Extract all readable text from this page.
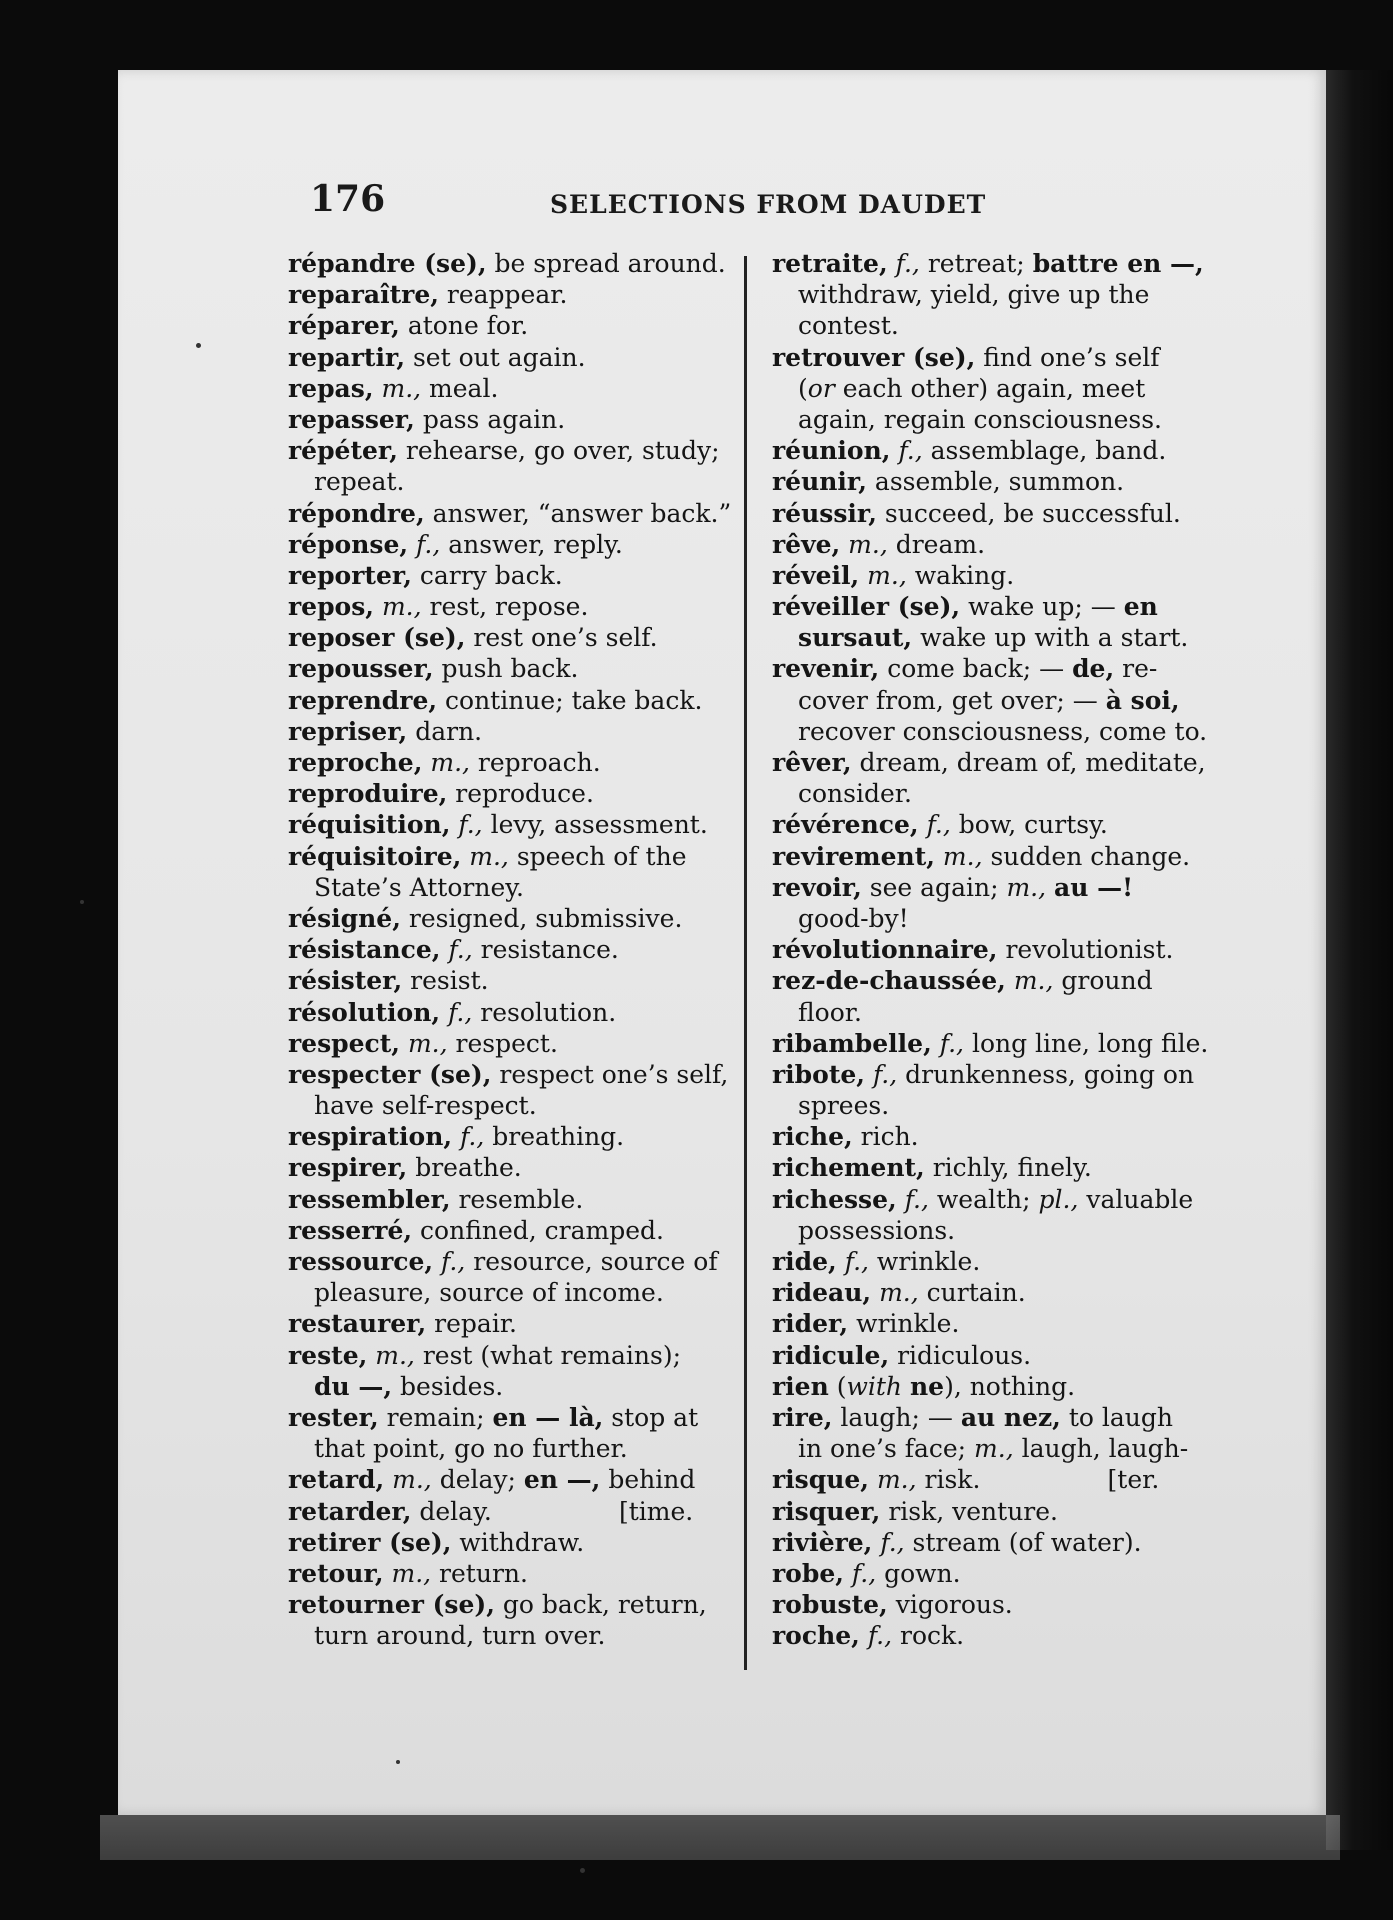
176	SELECTIONS FROM DAUDET
répandre (se), be spread around.
reparaître, reappear.
réparer, atone for.
repartir, set out again.
repas, m., meal.
repasser, pass again.
répéter, rehearse, go over, study;
repeat.
répondre, answer, “answer back.”
réponse, f., answer, reply.
reporter, carry back.
repos, m., rest, repose.
reposer (se), rest one’s self.
repousser, push back.
reprendre, continue; take back.
repriser, darn.
reproche, m., reproach.
reproduire, reproduce.
réquisition, f., levy, assessment.
réquisitoire, m., speech of the
State’s Attorney.
résigné, resigned, submissive.
résistance, f., resistance.
résister, resist.
résolution, f., resolution.
respect, m., respect.
respecter (se), respect one’s self,
have self-respect.
respiration, f., breathing.
respirer, breathe.
ressembler, resemble.
resserré, confined, cramped.
ressource, f., resource, source of
pleasure, source of income.
restaurer, repair.
reste, m., rest (what remains);
du —, besides.
rester, remain; en — là, stop at
that point, go no further.
retard, m., delay; en —, behind
retarder, delay.                [time.
retirer (se), withdraw.
retour, m., return.
retourner (se), go back, return,
turn around, turn over.
retraite, f., retreat; battre en —,
withdraw, yield, give up the
contest.
retrouver (se), find one’s self
(or each other) again, meet
again, regain consciousness.
réunion, f., assemblage, band.
réunir, assemble, summon.
réussir, succeed, be successful.
rêve, m., dream.
réveil, m., waking.
réveiller (se), wake up; — en
sursaut, wake up with a start.
revenir, come back; — de, re-
cover from, get over; — à soi,
recover consciousness, come to.
rêver, dream, dream of, meditate,
consider.
révérence, f., bow, curtsy.
revirement, m., sudden change.
revoir, see again; m., au —!
good-by!
révolutionnaire, revolutionist.
rez-de-chaussée, m., ground
floor.
ribambelle, f., long line, long file.
ribote, f., drunkenness, going on
sprees.
riche, rich.
richement, richly, finely.
richesse, f., wealth; pl., valuable
possessions.
ride, f., wrinkle.
rideau, m., curtain.
rider, wrinkle.
ridicule, ridiculous.
rien (with ne), nothing.
rire, laugh; — au nez, to laugh
in one’s face; m., laugh, laugh-
risque, m., risk.                [ter.
risquer, risk, venture.
rivière, f., stream (of water).
robe, f., gown.
robuste, vigorous.
roche, f., rock.
